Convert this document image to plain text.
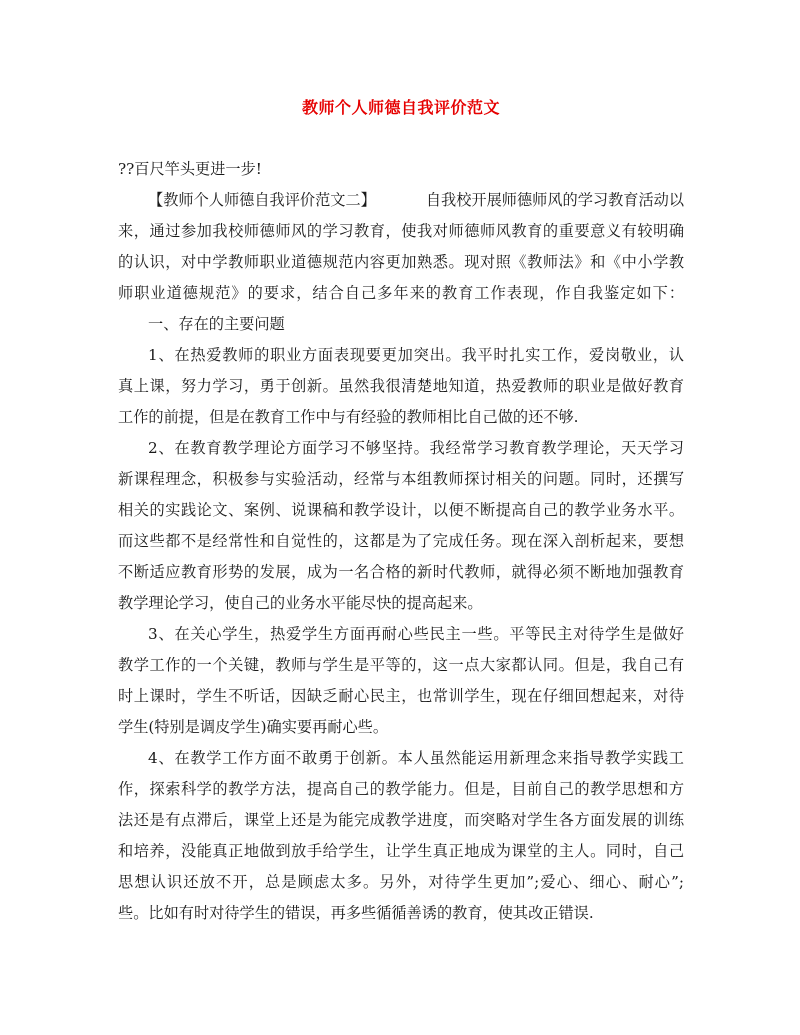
教师个人师德自我评价范文
??百尺竿头更进一步!
【教师个人师德自我评价范文二】	自我校开展师德师风的学习教育活动以
来，通过参加我校师德师风的学习教育，使我对师德师风教育的重要意义有较明确
的认识，对中学教师职业道德规范内容更加熟悉。现对照《教师法》和《中小学教
师职业道德规范》的要求，结合自己多年来的教育工作表现，作自我鉴定如下：
一、存在的主要问题
1、在热爱教师的职业方面表现要更加突出。我平时扎实工作，爱岗敬业，认
真上课，努力学习，勇于创新。虽然我很清楚地知道，热爱教师的职业是做好教育
工作的前提，但是在教育工作中与有经验的教师相比自己做的还不够.
2、在教育教学理论方面学习不够坚持。我经常学习教育教学理论，天天学习
新课程理念，积极参与实验活动，经常与本组教师探讨相关的问题。同时，还撰写
相关的实践论文、案例、说课稿和教学设计，以便不断提高自己的教学业务水平。
而这些都不是经常性和自觉性的，这都是为了完成任务。现在深入剖析起来，要想
不断适应教育形势的发展，成为一名合格的新时代教师，就得必须不断地加强教育
教学理论学习，使自己的业务水平能尽快的提高起来。
3、在关心学生，热爱学生方面再耐心些民主一些。平等民主对待学生是做好
教学工作的一个关键，教师与学生是平等的，这一点大家都认同。但是，我自己有
时上课时，学生不听话，因缺乏耐心民主，也常训学生，现在仔细回想起来，对待
学生(特别是调皮学生)确实要再耐心些。
4、在教学工作方面不敢勇于创新。本人虽然能运用新理念来指导教学实践工
作，探索科学的教学方法，提高自己的教学能力。但是，目前自己的教学思想和方
法还是有点滞后，课堂上还是为能完成教学进度，而突略对学生各方面发展的训练
和培养，没能真正地做到放手给学生，让学生真正地成为课堂的主人。同时，自己
思想认识还放不开，总是顾虑太多。另外，对待学生更加”;爱心、细心、耐心”;
些。比如有时对待学生的错误，再多些循循善诱的教育，使其改正错误.
